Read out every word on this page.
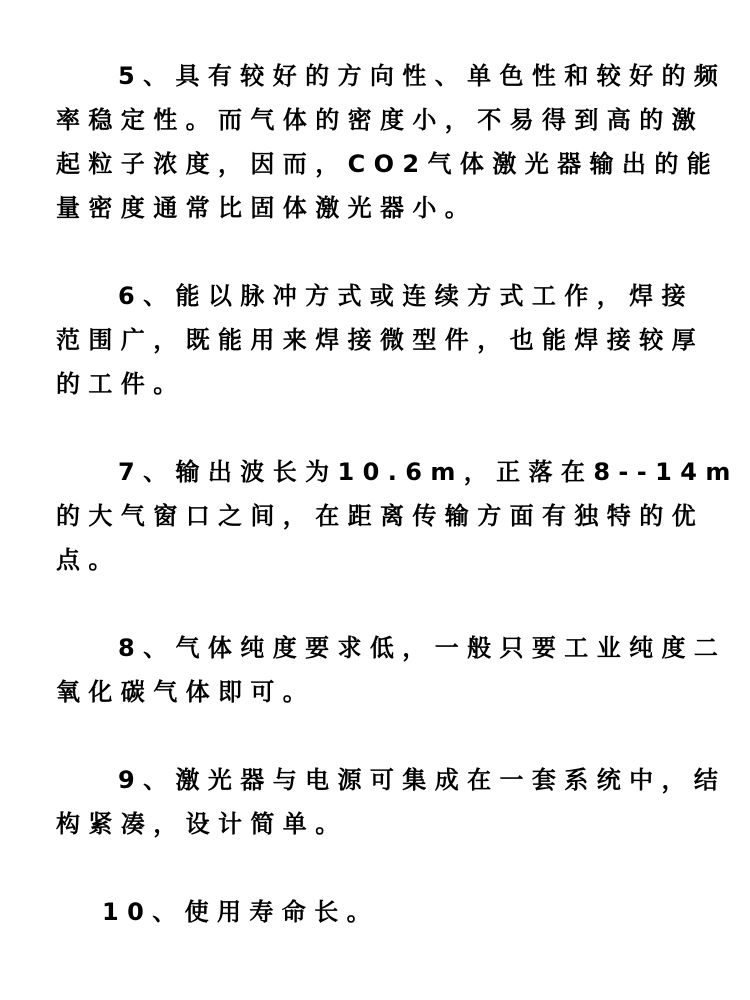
5、具有较好的方向性、单色性和较好的频
率稳定性。而气体的密度小，不易得到高的激
起粒子浓度，因而，CO2气体激光器输出的能
量密度通常比固体激光器小。

6、能以脉冲方式或连续方式工作，焊接
范围广，既能用来焊接微型件，也能焊接较厚
的工件。

7、输出波长为10.6m，正落在8--14m
的大气窗口之间，在距离传输方面有独特的优
点。

8、气体纯度要求低，一般只要工业纯度二
氧化碳气体即可。

9、激光器与电源可集成在一套系统中，结
构紧凑，设计简单。

10、使用寿命长。
